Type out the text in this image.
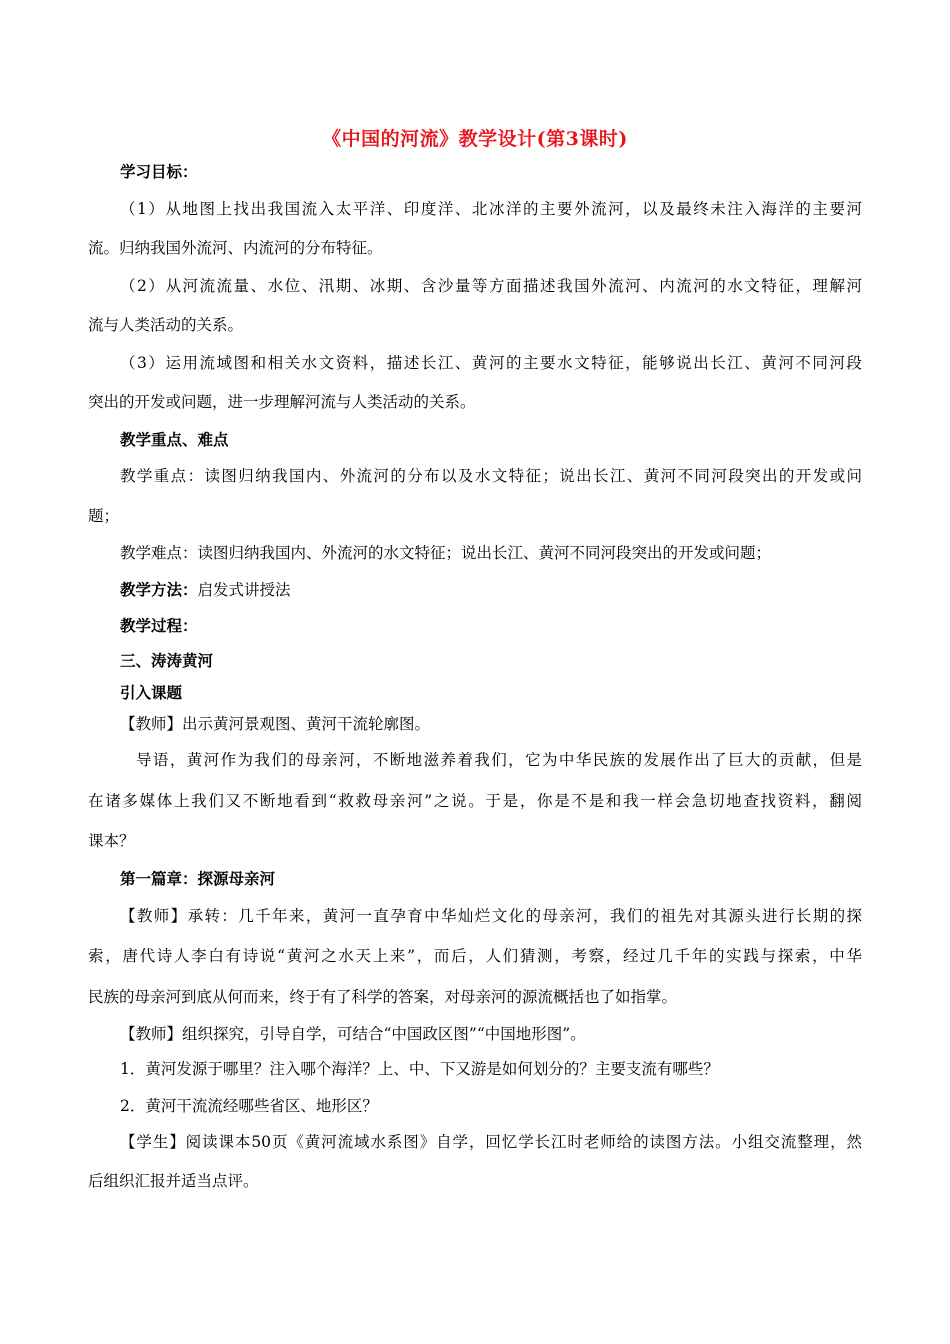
《中国的河流》教学设计(第3课时)
学习目标：
（1）从地图上找出我国流入太平洋、印度洋、北冰洋的主要外流河，以及最终未注入海洋的主要河
流。归纳我国外流河、内流河的分布特征。
（2）从河流流量、水位、汛期、冰期、含沙量等方面描述我国外流河、内流河的水文特征，理解河
流与人类活动的关系。
（3）运用流域图和相关水文资料，描述长江、黄河的主要水文特征，能够说出长江、黄河不同河段
突出的开发或问题，进一步理解河流与人类活动的关系。
教学重点、难点
教学重点：读图归纳我国内、外流河的分布以及水文特征；说出长江、黄河不同河段突出的开发或问
题；
教学难点：读图归纳我国内、外流河的水文特征；说出长江、黄河不同河段突出的开发或问题；
教学方法：启发式讲授法
教学过程：
三、涛涛黄河
引入课题
【教师】出示黄河景观图、黄河干流轮廓图。
导语，黄河作为我们的母亲河，不断地滋养着我们，它为中华民族的发展作出了巨大的贡献，但是
在诸多媒体上我们又不断地看到“救救母亲河”之说。于是，你是不是和我一样会急切地查找资料，翻阅
课本？
第一篇章：探源母亲河
【教师】承转：几千年来，黄河一直孕育中华灿烂文化的母亲河，我们的祖先对其源头进行长期的探
索，唐代诗人李白有诗说“黄河之水天上来”，而后，人们猜测，考察，经过几千年的实践与探索，中华
民族的母亲河到底从何而来，终于有了科学的答案，对母亲河的源流概括也了如指掌。
【教师】组织探究，引导自学，可结合“中国政区图”“中国地形图”。
1．黄河发源于哪里？注入哪个海洋？上、中、下又游是如何划分的？主要支流有哪些？
2．黄河干流流经哪些省区、地形区？
【学生】阅读课本50页《黄河流域水系图》自学，回忆学长江时老师给的读图方法。小组交流整理，然
后组织汇报并适当点评。
